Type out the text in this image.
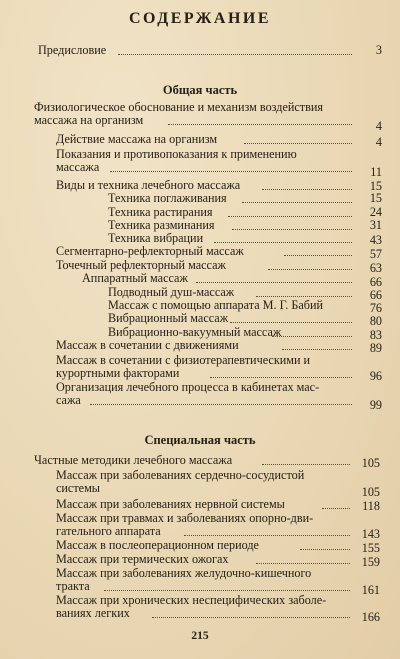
СОДЕРЖАНИЕ
Предисловие	3
Общая часть
Физиологическое обоснование и механизм воздействия
массажа на организм	4
Действие массажа на организм	4
Показания и противопоказания к применению
массажа	11
Виды и техника лечебного массажа	15
Техника поглаживания	15
Техника растирания	24
Техника разминания	31
Техника вибрации	43
Сегментарно-рефлекторный массаж	57
Точечный рефлекторный массаж	63
Аппаратный массаж	66
Подводный душ-массаж	66
Массаж с помощью аппарата М. Г. Бабий	76
Вибрационный массаж	80
Вибрационно-вакуумный массаж	83
Массаж в сочетании с движениями	89
Массаж в сочетании с физиотерапевтическими и
курортными факторами	96
Организация лечебного процесса в кабинетах мас-
сажа	99
Специальная часть
Частные методики лечебного массажа	105
Массаж при заболеваниях сердечно-сосудистой
системы	105
Массаж при заболеваниях нервной системы	118
Массаж при травмах и заболеваниях опорно-дви-
гательного аппарата	143
Массаж в послеоперационном периоде	155
Массаж при термических ожогах	159
Массаж при заболеваниях желудочно-кишечного
тракта	161
Массаж при хронических неспецифических заболе-
ваниях легких	166
215
